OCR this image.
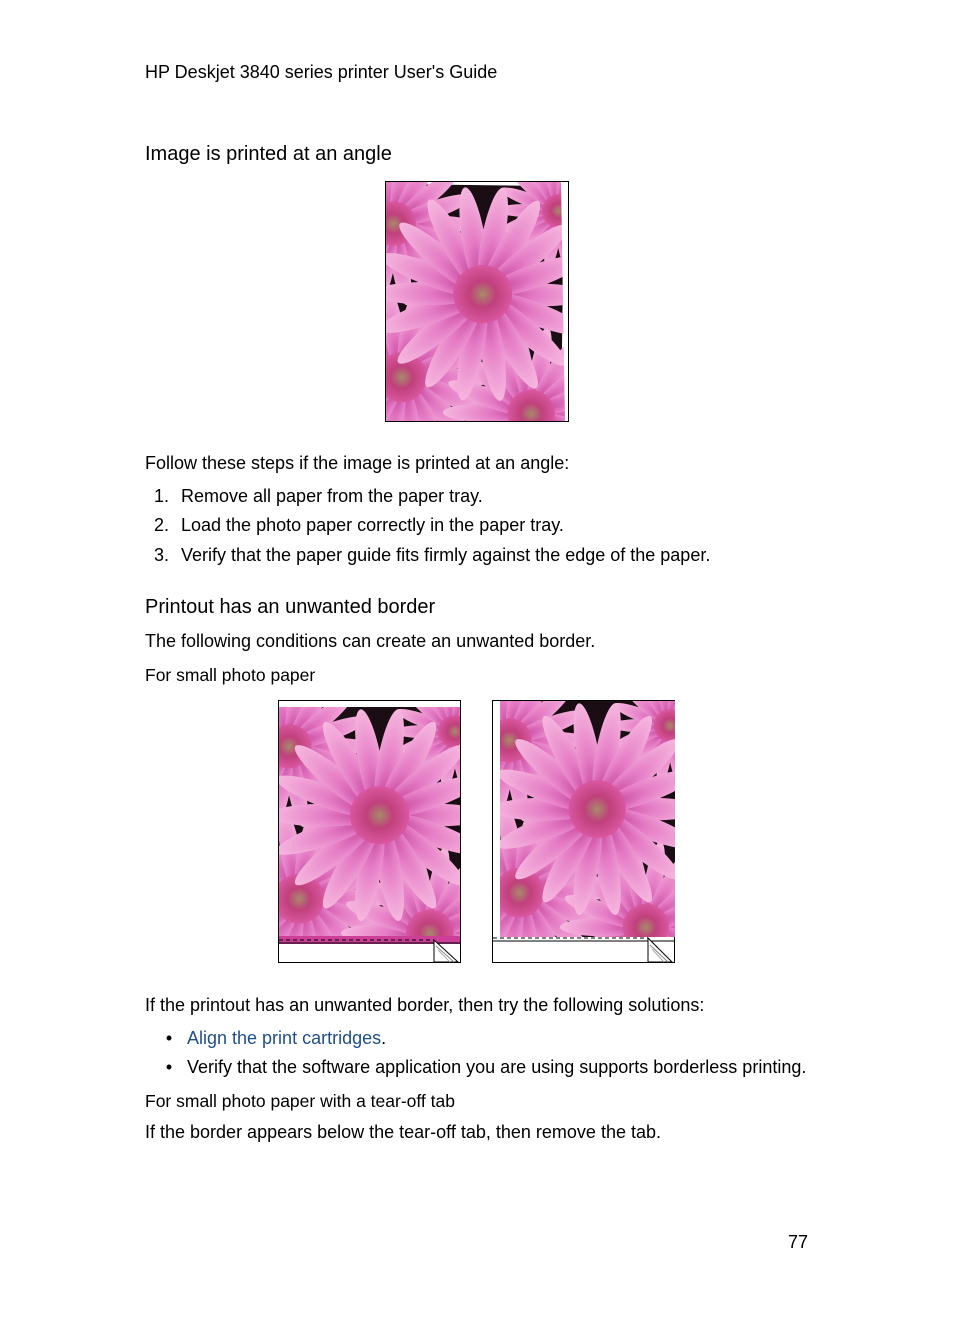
HP Deskjet 3840 series printer User's Guide
Image is printed at an angle
Follow these steps if the image is printed at an angle:
1. Remove all paper from the paper tray.
2. Load the photo paper correctly in the paper tray.
3. Verify that the paper guide fits firmly against the edge of the paper.
Printout has an unwanted border
The following conditions can create an unwanted border.
For small photo paper
If the printout has an unwanted border, then try the following solutions:
• Align the print cartridges.
• Verify that the software application you are using supports borderless printing.
For small photo paper with a tear-off tab
If the border appears below the tear-off tab, then remove the tab.
77
